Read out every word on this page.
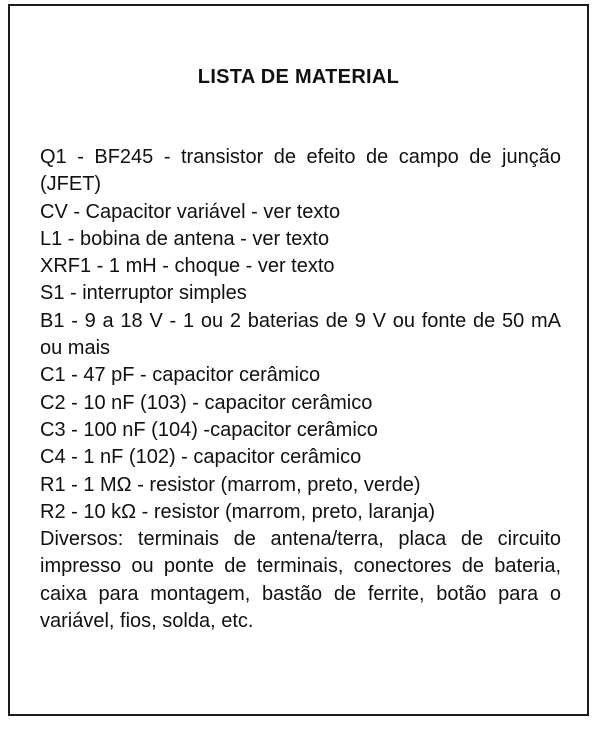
LISTA DE MATERIAL
Q1 - BF245 - transistor de efeito de campo de junção (JFET)
CV - Capacitor variável - ver texto
L1 - bobina de antena - ver texto
XRF1 - 1 mH - choque - ver texto
S1 - interruptor simples
B1 - 9 a 18 V - 1 ou 2 baterias de 9 V ou fonte de 50 mA ou mais
C1 - 47 pF - capacitor cerâmico
C2 - 10 nF (103) - capacitor cerâmico
C3 - 100 nF (104) -capacitor cerâmico
C4 - 1 nF (102) - capacitor cerâmico
R1 - 1 MΩ - resistor (marrom, preto, verde)
R2 - 10 kΩ - resistor (marrom, preto, laranja)
Diversos: terminais de antena/terra, placa de circuito impresso ou ponte de terminais, conectores de bateria, caixa para montagem, bastão de ferrite, botão para o variável, fios, solda, etc.
